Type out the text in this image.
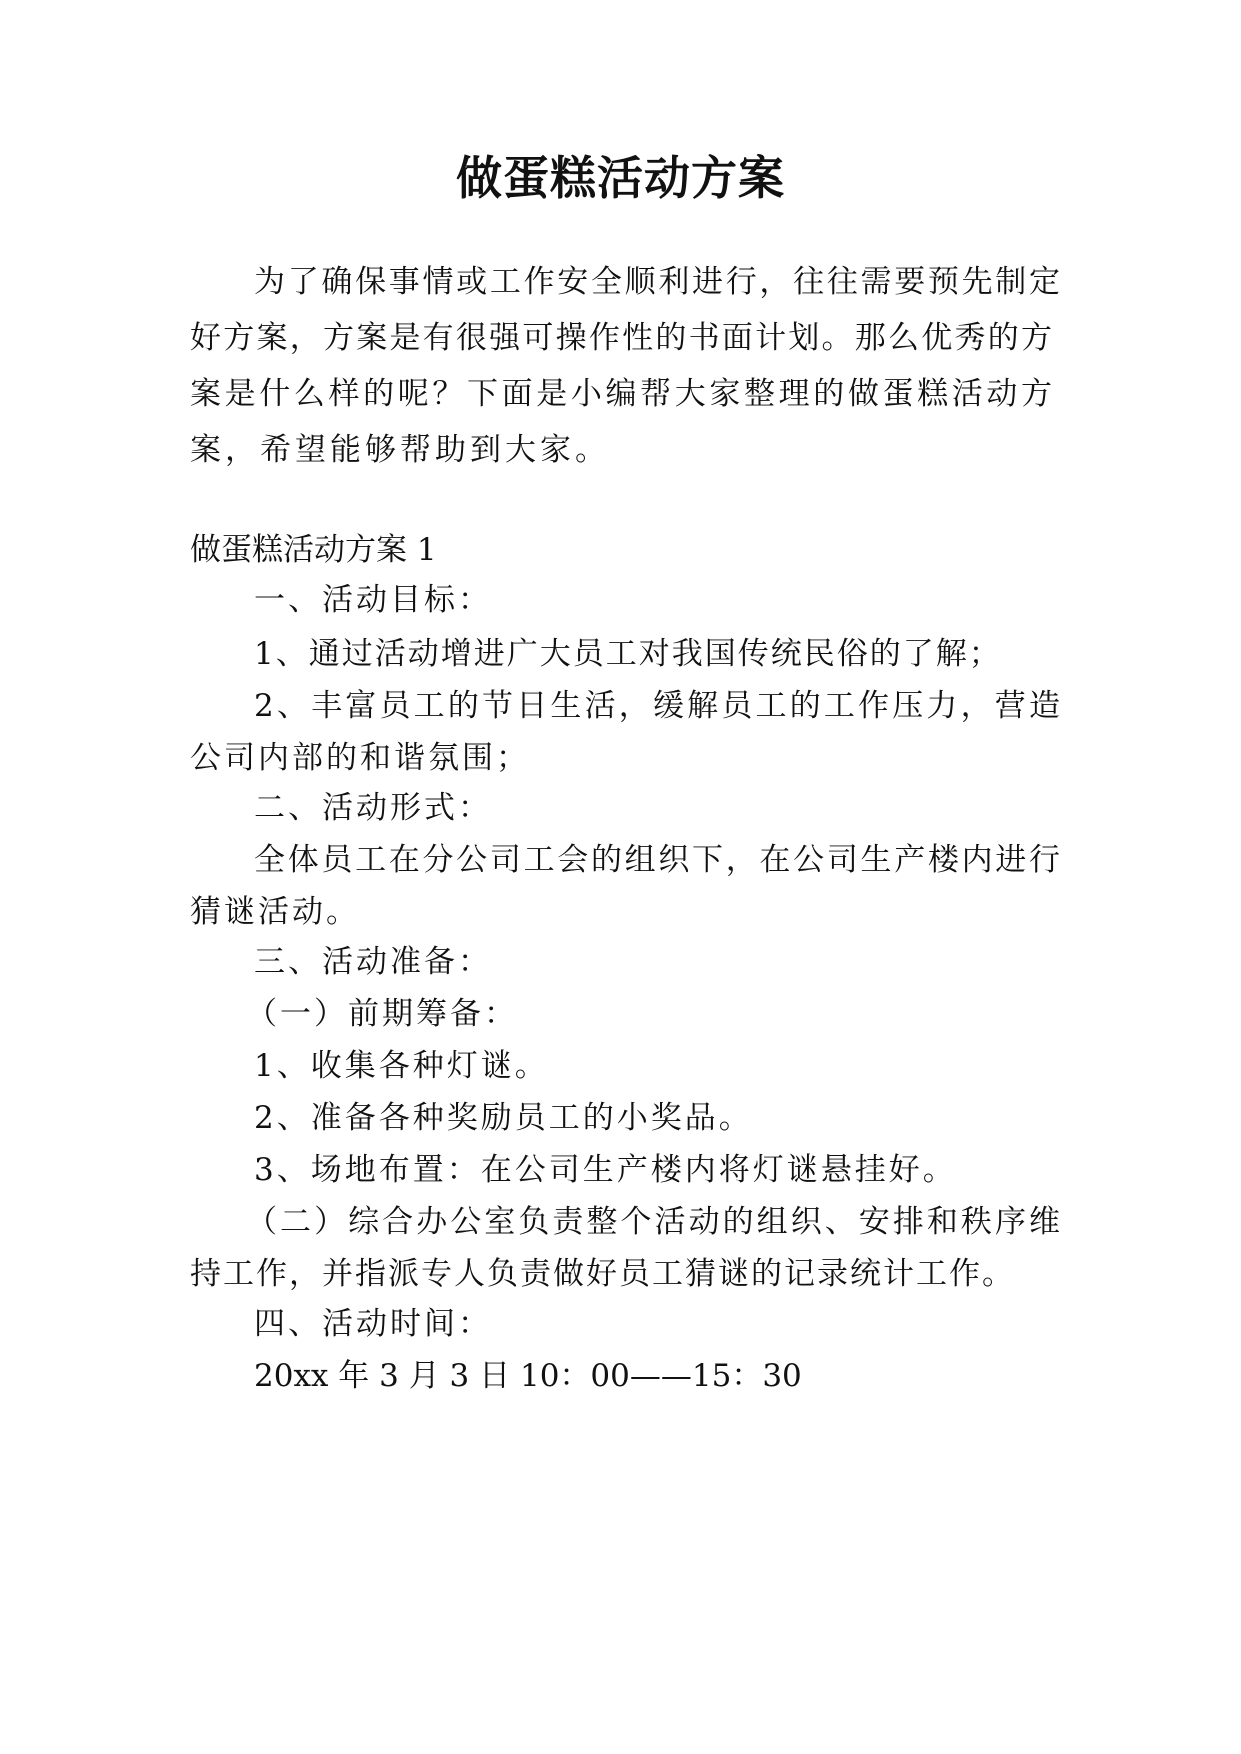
做蛋糕活动方案

为了确保事情或工作安全顺利进行，往往需要预先制定

好方案，方案是有很强可操作性的书面计划。那么优秀的方

案是什么样的呢？下面是小编帮大家整理的做蛋糕活动方

案，希望能够帮助到大家。

做蛋糕活动方案 1

一、活动目标：

1、通过活动增进广大员工对我国传统民俗的了解；

2、丰富员工的节日生活，缓解员工的工作压力，营造

公司内部的和谐氛围；

二、活动形式：

全体员工在分公司工会的组织下，在公司生产楼内进行

猜谜活动。

三、活动准备：

（一）前期筹备：

1、收集各种灯谜。

2、准备各种奖励员工的小奖品。

3、场地布置：在公司生产楼内将灯谜悬挂好。

（二）综合办公室负责整个活动的组织、安排和秩序维

持工作，并指派专人负责做好员工猜谜的记录统计工作。

四、活动时间：

20xx 年 3 月 3 日 10：00——15：30
